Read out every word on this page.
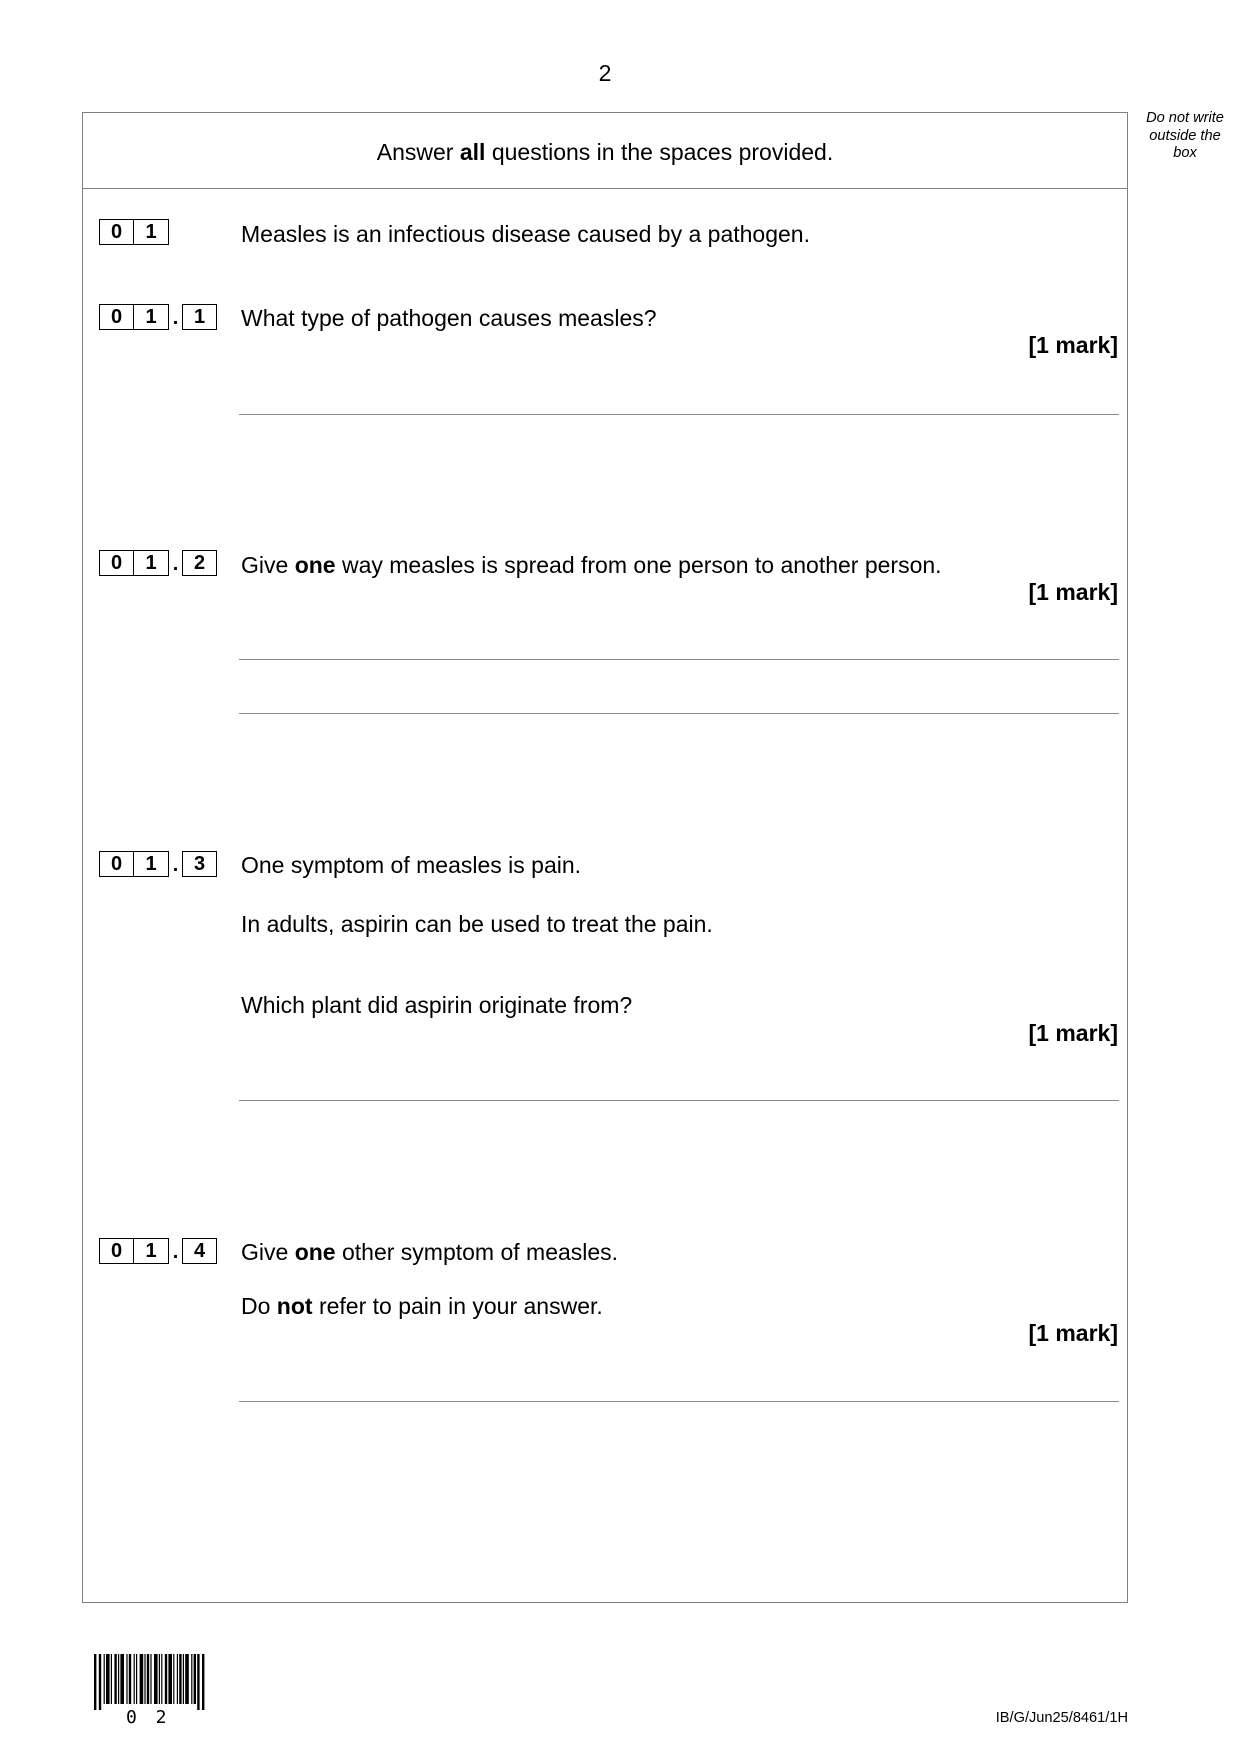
2
Do not write
outside the
box
Answer all questions in the spaces provided.
0	1	Measles is an infectious disease caused by a pathogen.
0	1 . 1	What type of pathogen causes measles?
[1 mark]
0	1 . 2	Give one way measles is spread from one person to another person.
[1 mark]
0	1 . 3	One symptom of measles is pain.
In adults, aspirin can be used to treat the pain.
Which plant did aspirin originate from?
[1 mark]
0	1 . 4	Give one other symptom of measles.
Do not refer to pain in your answer.
[1 mark]
0 2	IB/G/Jun25/8461/1H
